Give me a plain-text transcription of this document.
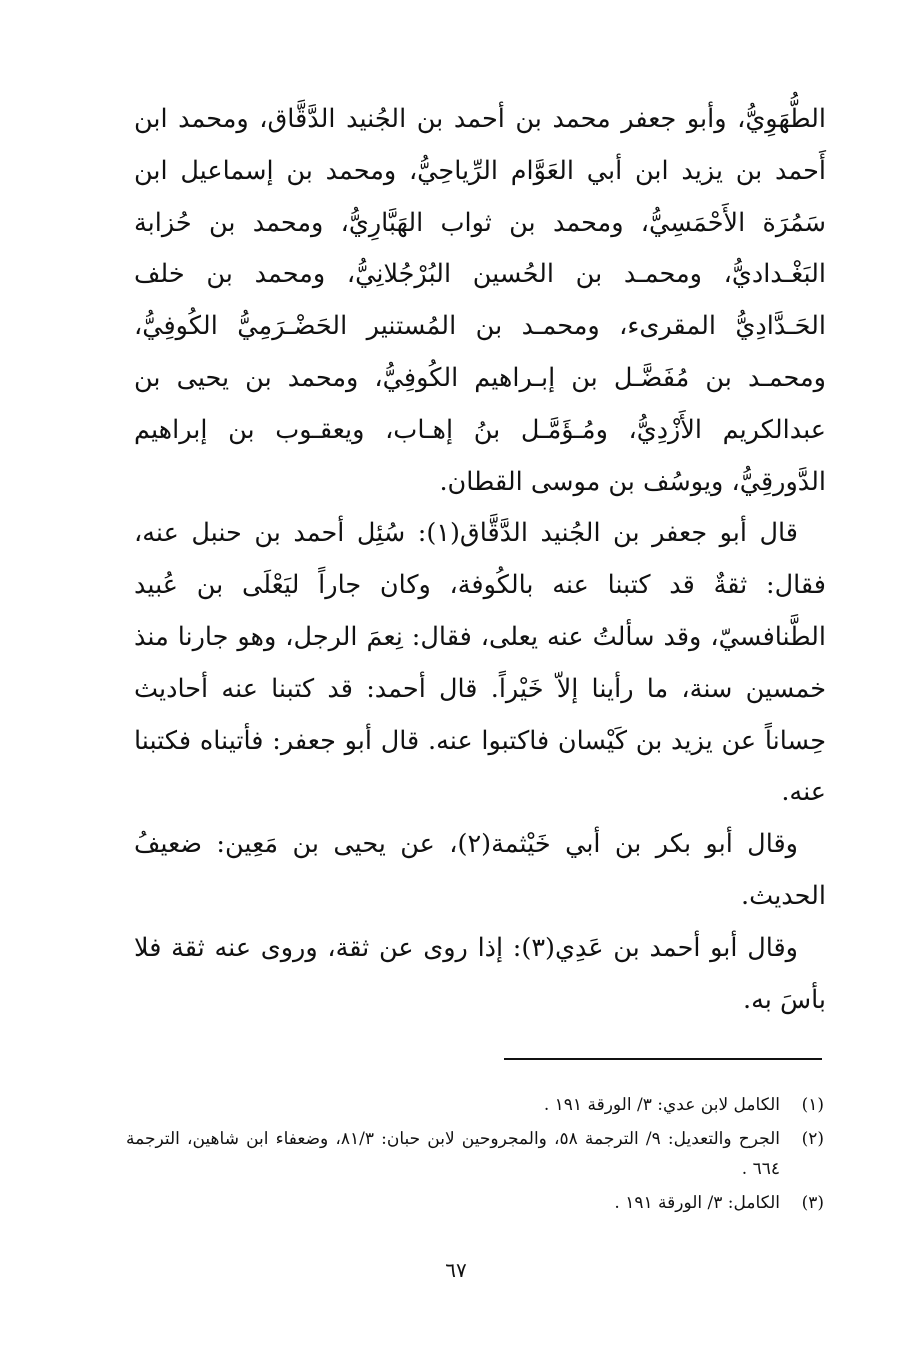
الطُّهَوِيُّ، وأبو جعفر محمد بن أحمد بن الجُنيد الدَّقَّاق، ومحمد ابن أَحمد بن يزيد ابن أبي العَوَّام الرِّياحِيُّ، ومحمد بن إسماعيل ابن سَمُرَة الأَحْمَسِيُّ، ومحمد بن ثواب الهَبَّارِيُّ، ومحمد بن حُزابة البَغْـداديُّ، ومحمـد بن الحُسين البُرْجُلانِيُّ، ومحمد بن خلف الحَـدَّادِيُّ المقرىء، ومحمـد بن المُستنير الحَضْـرَمِيُّ الكُوفِيُّ، ومحمـد بن مُفَضَّـل بن إبـراهيم الكُوفِيُّ، ومحمد بن يحيى بن عبدالكريم الأَزْدِيُّ، ومُـؤَمَّـل بنُ إهـاب، ويعقـوب بن إبراهيم الدَّورقِيُّ، ويوسُف بن موسى القطان.

قال أبو جعفر بن الجُنيد الدَّقَّاق(١): سُئِل أحمد بن حنبل عنه، فقال: ثقةٌ قد كتبنا عنه بالكُوفة، وكان جاراً ليَعْلَى بن عُبيد الطَّنافسيّ، وقد سألتُ عنه يعلى، فقال: نِعمَ الرجل، وهو جارنا منذ خمسين سنة، ما رأينا إلاّ خَيْراً. قال أحمد: قد كتبنا عنه أحاديث حِساناً عن يزيد بن كَيْسان فاكتبوا عنه. قال أبو جعفر: فأتيناه فكتبنا عنه.

وقال أبو بكر بن أبي خَيْثمة(٢)، عن يحيى بن مَعِين: ضعيفُ الحديث.

وقال أبو أحمد بن عَدِي(٣): إذا روى عن ثقة، وروى عنه ثقة فلا بأسَ به.

(١)
الكامل لابن عدي: ٣/ الورقة ١٩١ .
(٢)
الجرح والتعديل: ٩/ الترجمة ٥٨، والمجروحين لابن حبان: ٨١/٣، وضعفاء ابن شاهين، الترجمة ٦٦٤ .
(٣)
الكامل: ٣/ الورقة ١٩١ .
٦٧
